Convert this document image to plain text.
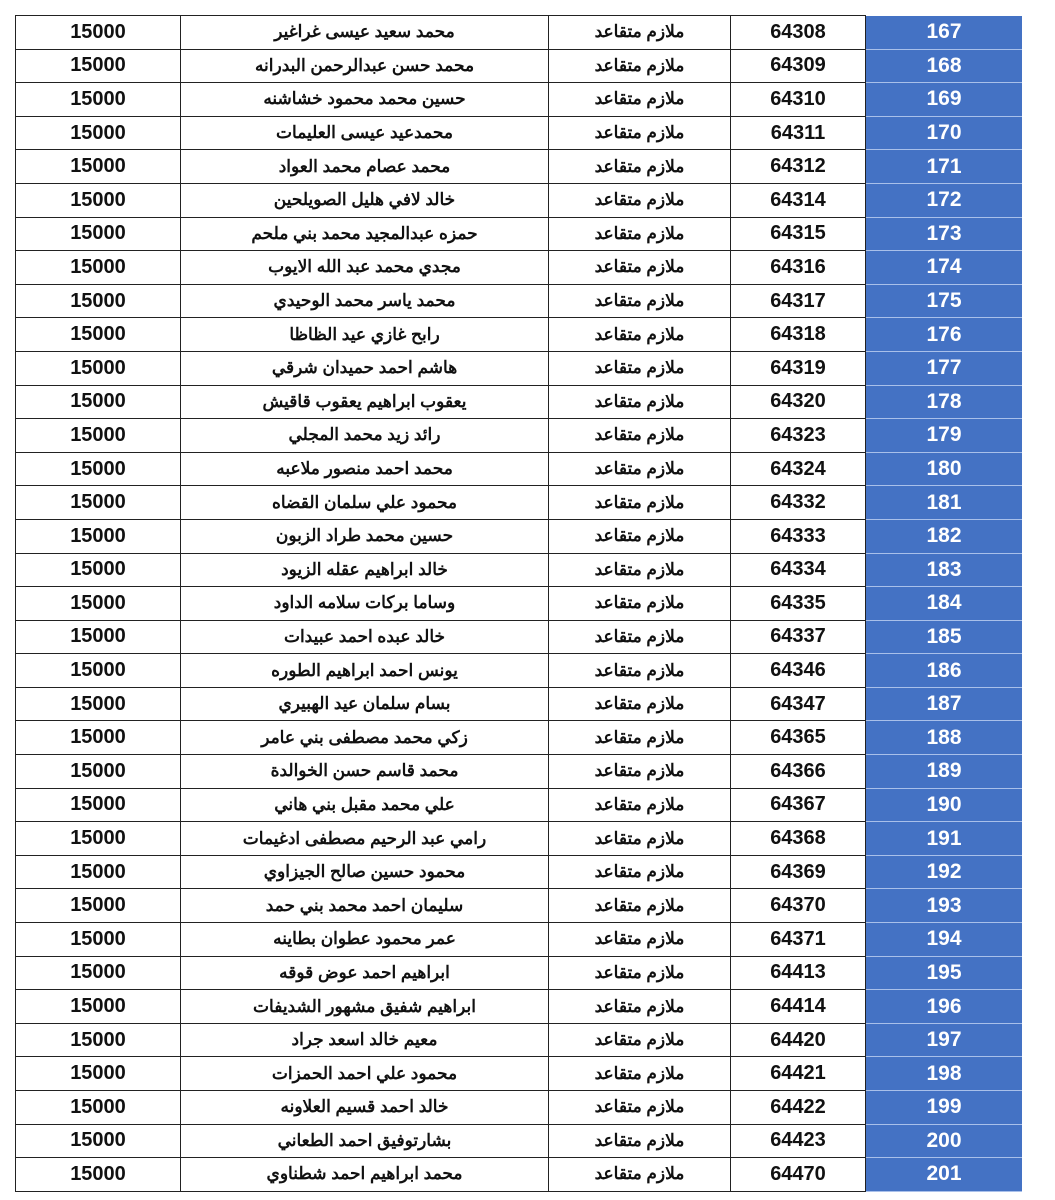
15000	محمد سعيد عيسى غراغير	ملازم متقاعد	64308	167
15000	محمد حسن عبدالرحمن البدرانه	ملازم متقاعد	64309	168
15000	حسين محمد محمود خشاشنه	ملازم متقاعد	64310	169
15000	محمدعيد عيسى العليمات	ملازم متقاعد	64311	170
15000	محمد عصام محمد العواد	ملازم متقاعد	64312	171
15000	خالد لافي هليل الصويلحين	ملازم متقاعد	64314	172
15000	حمزه عبدالمجيد محمد بني ملحم	ملازم متقاعد	64315	173
15000	مجدي محمد عبد الله الايوب	ملازم متقاعد	64316	174
15000	محمد ياسر محمد الوحيدي	ملازم متقاعد	64317	175
15000	رابح غازي عيد الظاظا	ملازم متقاعد	64318	176
15000	هاشم احمد حميدان شرقي	ملازم متقاعد	64319	177
15000	يعقوب ابراهيم يعقوب قاقيش	ملازم متقاعد	64320	178
15000	رائد زيد محمد المجلي	ملازم متقاعد	64323	179
15000	محمد احمد منصور ملاعبه	ملازم متقاعد	64324	180
15000	محمود علي سلمان القضاه	ملازم متقاعد	64332	181
15000	حسين محمد طراد الزبون	ملازم متقاعد	64333	182
15000	خالد ابراهيم عقله الزيود	ملازم متقاعد	64334	183
15000	وساما بركات سلامه الداود	ملازم متقاعد	64335	184
15000	خالد عبده احمد عبيدات	ملازم متقاعد	64337	185
15000	يونس احمد ابراهيم الطوره	ملازم متقاعد	64346	186
15000	بسام سلمان عيد الهبيري	ملازم متقاعد	64347	187
15000	زكي محمد مصطفى بني عامر	ملازم متقاعد	64365	188
15000	محمد قاسم حسن الخوالدة	ملازم متقاعد	64366	189
15000	علي محمد مقبل بني هاني	ملازم متقاعد	64367	190
15000	رامي عبد الرحيم مصطفى ادغيمات	ملازم متقاعد	64368	191
15000	محمود حسين صالح الجيزاوي	ملازم متقاعد	64369	192
15000	سليمان احمد محمد بني حمد	ملازم متقاعد	64370	193
15000	عمر محمود عطوان بطاينه	ملازم متقاعد	64371	194
15000	ابراهيم احمد عوض قوقه	ملازم متقاعد	64413	195
15000	ابراهيم شفيق مشهور الشديفات	ملازم متقاعد	64414	196
15000	معيم خالد اسعد جراد	ملازم متقاعد	64420	197
15000	محمود علي احمد الحمزات	ملازم متقاعد	64421	198
15000	خالد احمد قسيم العلاونه	ملازم متقاعد	64422	199
15000	بشارتوفيق احمد الطعاني	ملازم متقاعد	64423	200
15000	محمد ابراهيم احمد شطناوي	ملازم متقاعد	64470	201
